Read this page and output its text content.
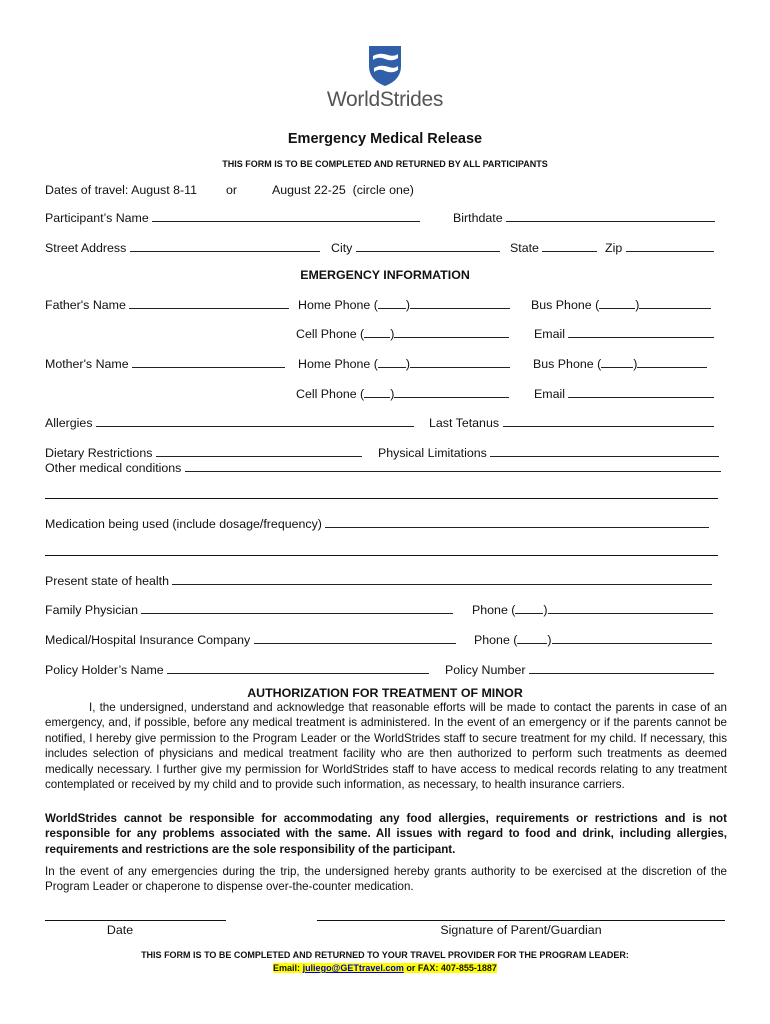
WorldStrides
Emergency Medical Release
THIS FORM IS TO BE COMPLETED AND RETURNED BY ALL PARTICIPANTS
Dates of travel: August 8-11 or	August 22-25 (circle one)
Participant’s Name	Birthdate
Street Address	City	State	Zip
EMERGENCY INFORMATION
Father's Name	Home Phone ( )	Bus Phone (	)
Cell Phone ( )	Email
Mother's Name	Home Phone ( )	Bus Phone (	)
Cell Phone ( )	Email
Allergies	Last Tetanus
Dietary Restrictions	Physical Limitations
Other medical conditions
Medication being used (include dosage/frequency)
Present state of health
Family Physician	Phone ( )
Medical/Hospital Insurance Company	Phone ( )
Policy Holder’s Name	Policy Number
AUTHORIZATION FOR TREATMENT OF MINOR
I, the undersigned, understand and acknowledge that reasonable efforts will be made to contact the parents in case of an emergency, and, if possible, before any medical treatment is administered. In the event of an emergency or if the parents cannot be notified, I hereby give permission to the Program Leader or the WorldStrides staff to secure treatment for my child. If necessary, this includes selection of physicians and medical treatment facility who are then authorized to perform such treatments as deemed medically necessary. I further give my permission for WorldStrides staff to have access to medical records relating to any treatment contemplated or received by my child and to provide such information, as necessary, to health insurance carriers.
WorldStrides cannot be responsible for accommodating any food allergies, requirements or restrictions and is not responsible for any problems associated with the same. All issues with regard to food and drink, including allergies, requirements and restrictions are the sole responsibility of the participant.
In the event of any emergencies during the trip, the undersigned hereby grants authority to be exercised at the discretion of the Program Leader or chaperone to dispense over-the-counter medication.
Date	Signature of Parent/Guardian
THIS FORM IS TO BE COMPLETED AND RETURNED TO YOUR TRAVEL PROVIDER FOR THE PROGRAM LEADER:
Email: juliego@GETtravel.com or FAX: 407-855-1887
